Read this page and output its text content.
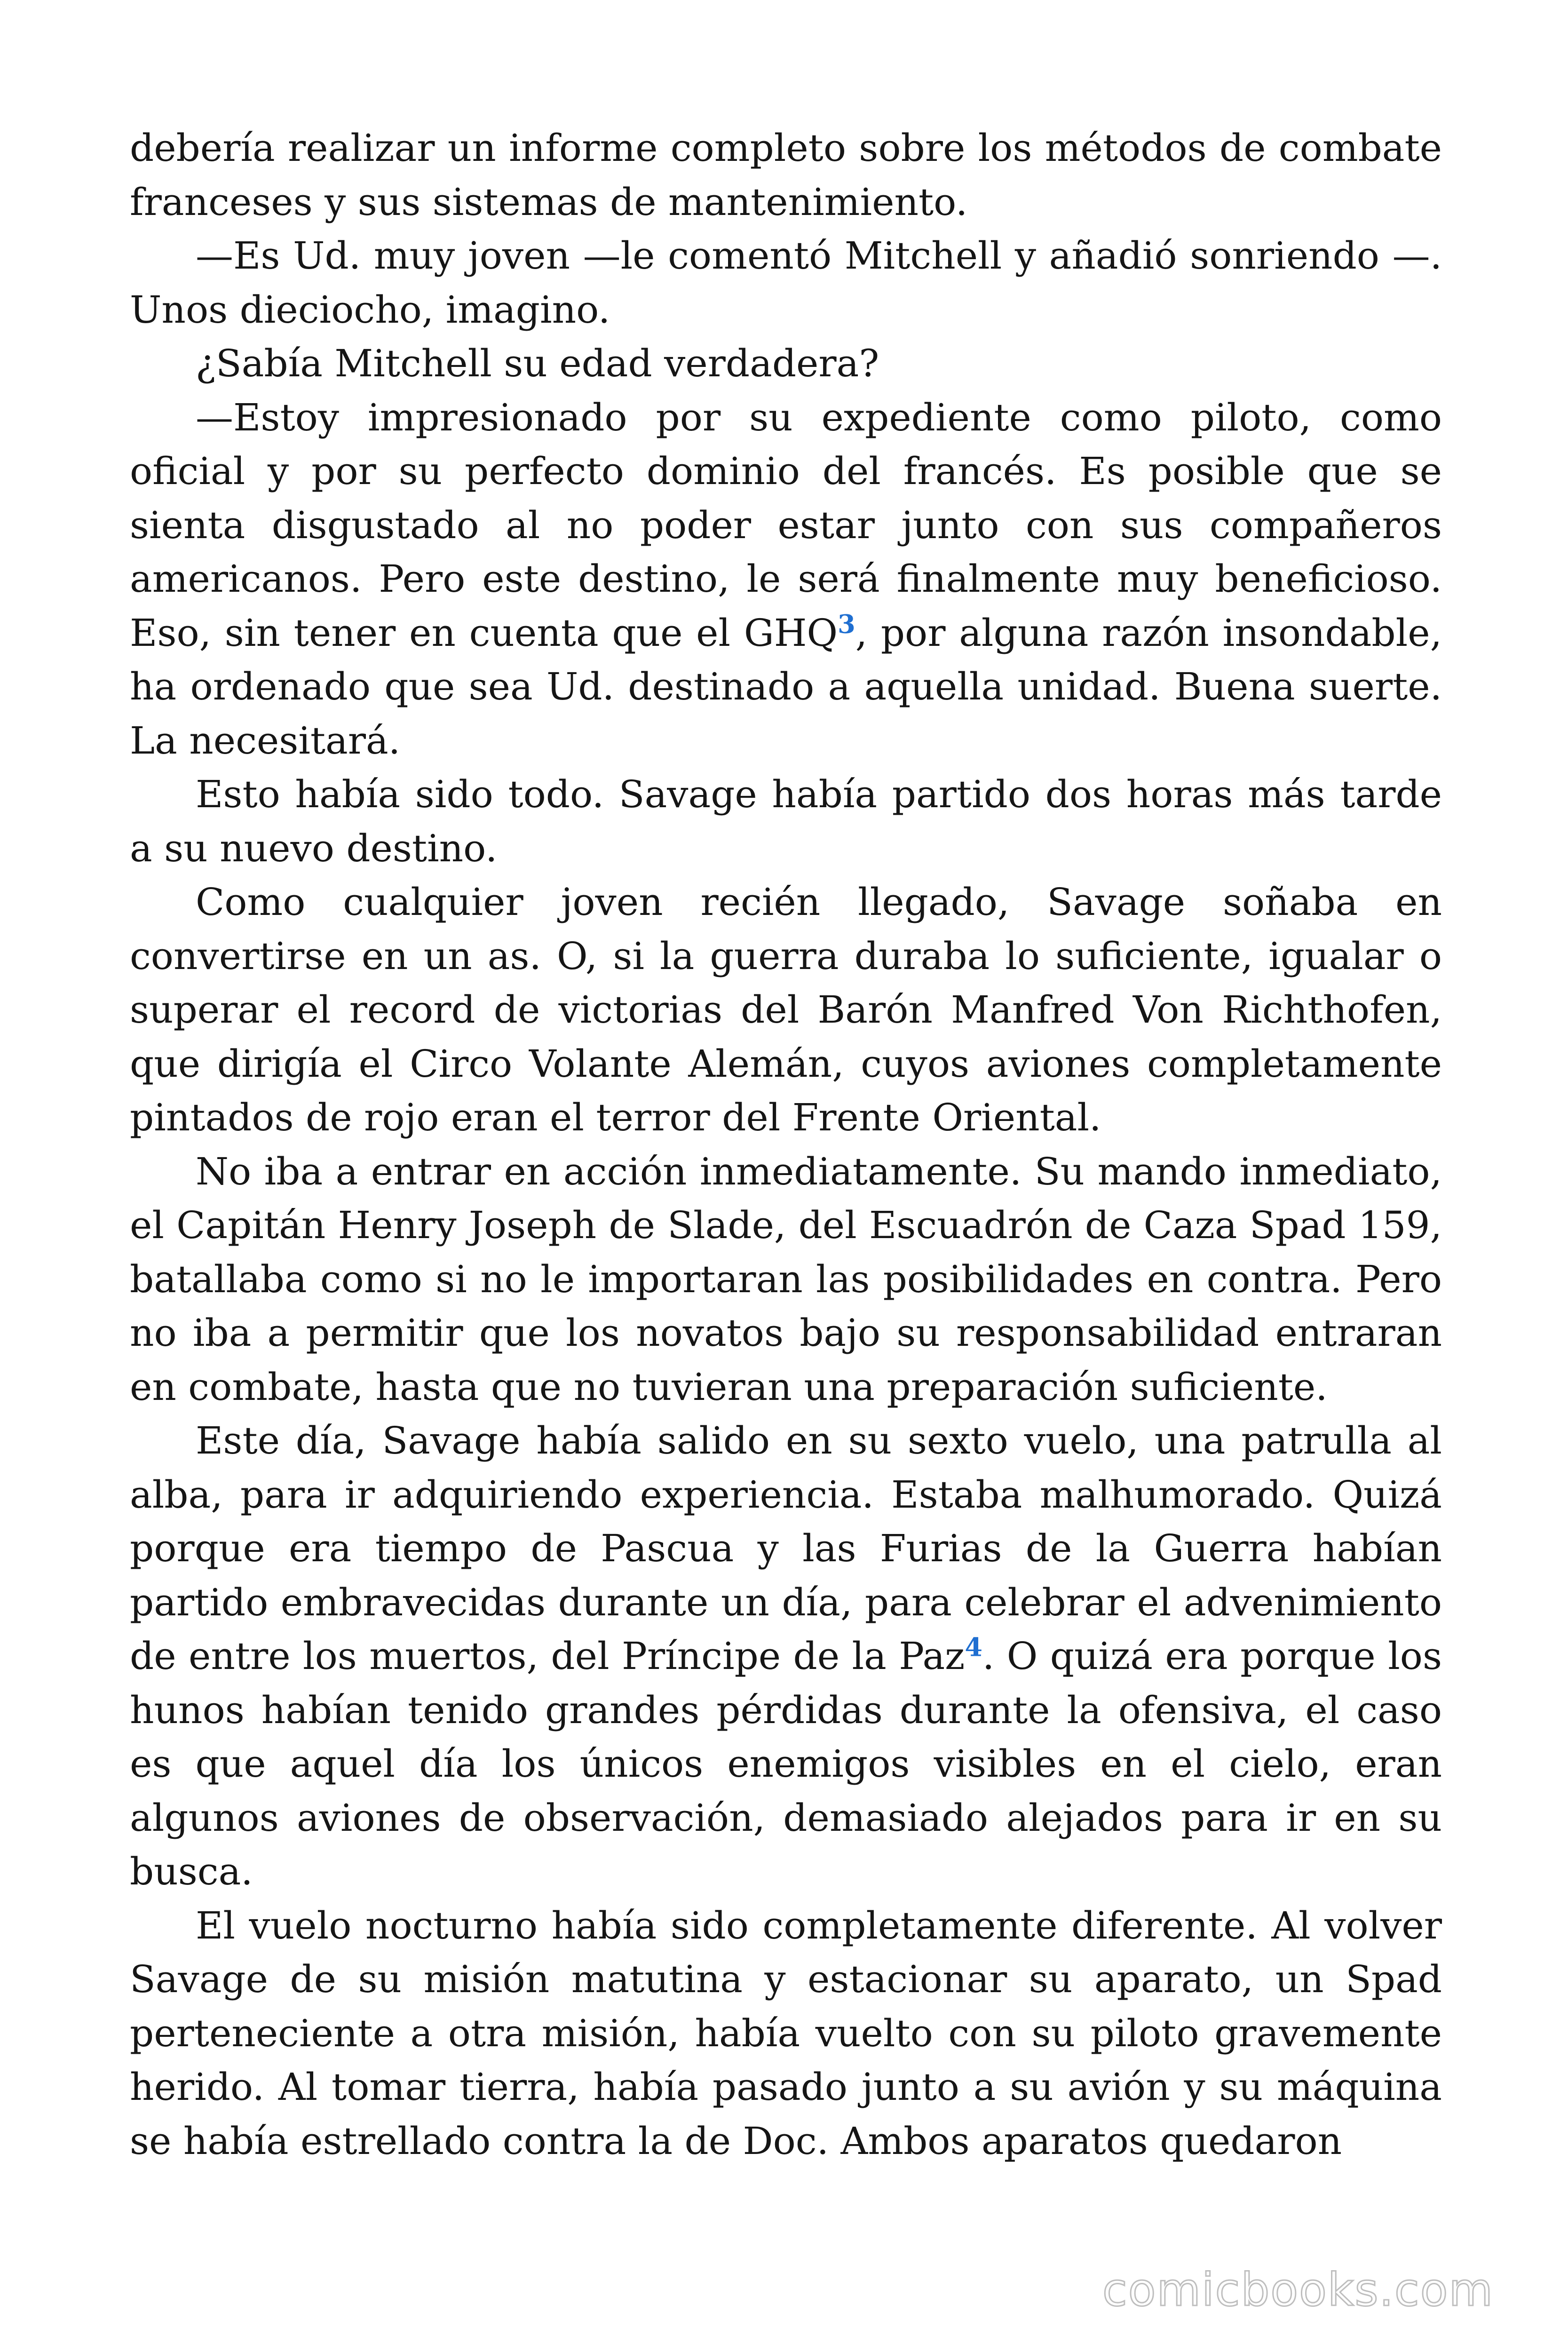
debería realizar un informe completo sobre los métodos de combate franceses y sus sistemas de mantenimiento.

—Es Ud. muy joven —le comentó Mitchell y añadió sonriendo —. Unos dieciocho, imagino.

¿Sabía Mitchell su edad verdadera?

—Estoy impresionado por su expediente como piloto, como oficial y por su perfecto dominio del francés. Es posible que se sienta disgustado al no poder estar junto con sus compañeros americanos. Pero este destino, le será finalmente muy beneficioso. Eso, sin tener en cuenta que el GHQ$^3$, por alguna razón insondable, ha ordenado que sea Ud. destinado a aquella unidad. Buena suerte. La necesitará.

Esto había sido todo. Savage había partido dos horas más tarde a su nuevo destino.

Como cualquier joven recién llegado, Savage soñaba en convertirse en un as. O, si la guerra duraba lo suficiente, igualar o superar el record de victorias del Barón Manfred Von Richthofen, que dirigía el Circo Volante Alemán, cuyos aviones completamente pintados de rojo eran el terror del Frente Oriental.

No iba a entrar en acción inmediatamente. Su mando inmediato, el Capitán Henry Joseph de Slade, del Escuadrón de Caza Spad 159, batallaba como si no le importaran las posibilidades en contra. Pero no iba a permitir que los novatos bajo su responsabilidad entraran en combate, hasta que no tuvieran una preparación suficiente.

Este día, Savage había salido en su sexto vuelo, una patrulla al alba, para ir adquiriendo experiencia. Estaba malhumorado. Quizá porque era tiempo de Pascua y las Furias de la Guerra habían partido embravecidas durante un día, para celebrar el advenimiento de entre los muertos, del Príncipe de la Paz$^4$. O quizá era porque los hunos habían tenido grandes pérdidas durante la ofensiva, el caso es que aquel día los únicos enemigos visibles en el cielo, eran algunos aviones de observación, demasiado alejados para ir en su busca.

El vuelo nocturno había sido completamente diferente. Al volver Savage de su misión matutina y estacionar su aparato, un Spad perteneciente a otra misión, había vuelto con su piloto gravemente herido. Al tomar tierra, había pasado junto a su avión y su máquina se había estrellado contra la de Doc. Ambos aparatos quedaron

comicbooks.com
